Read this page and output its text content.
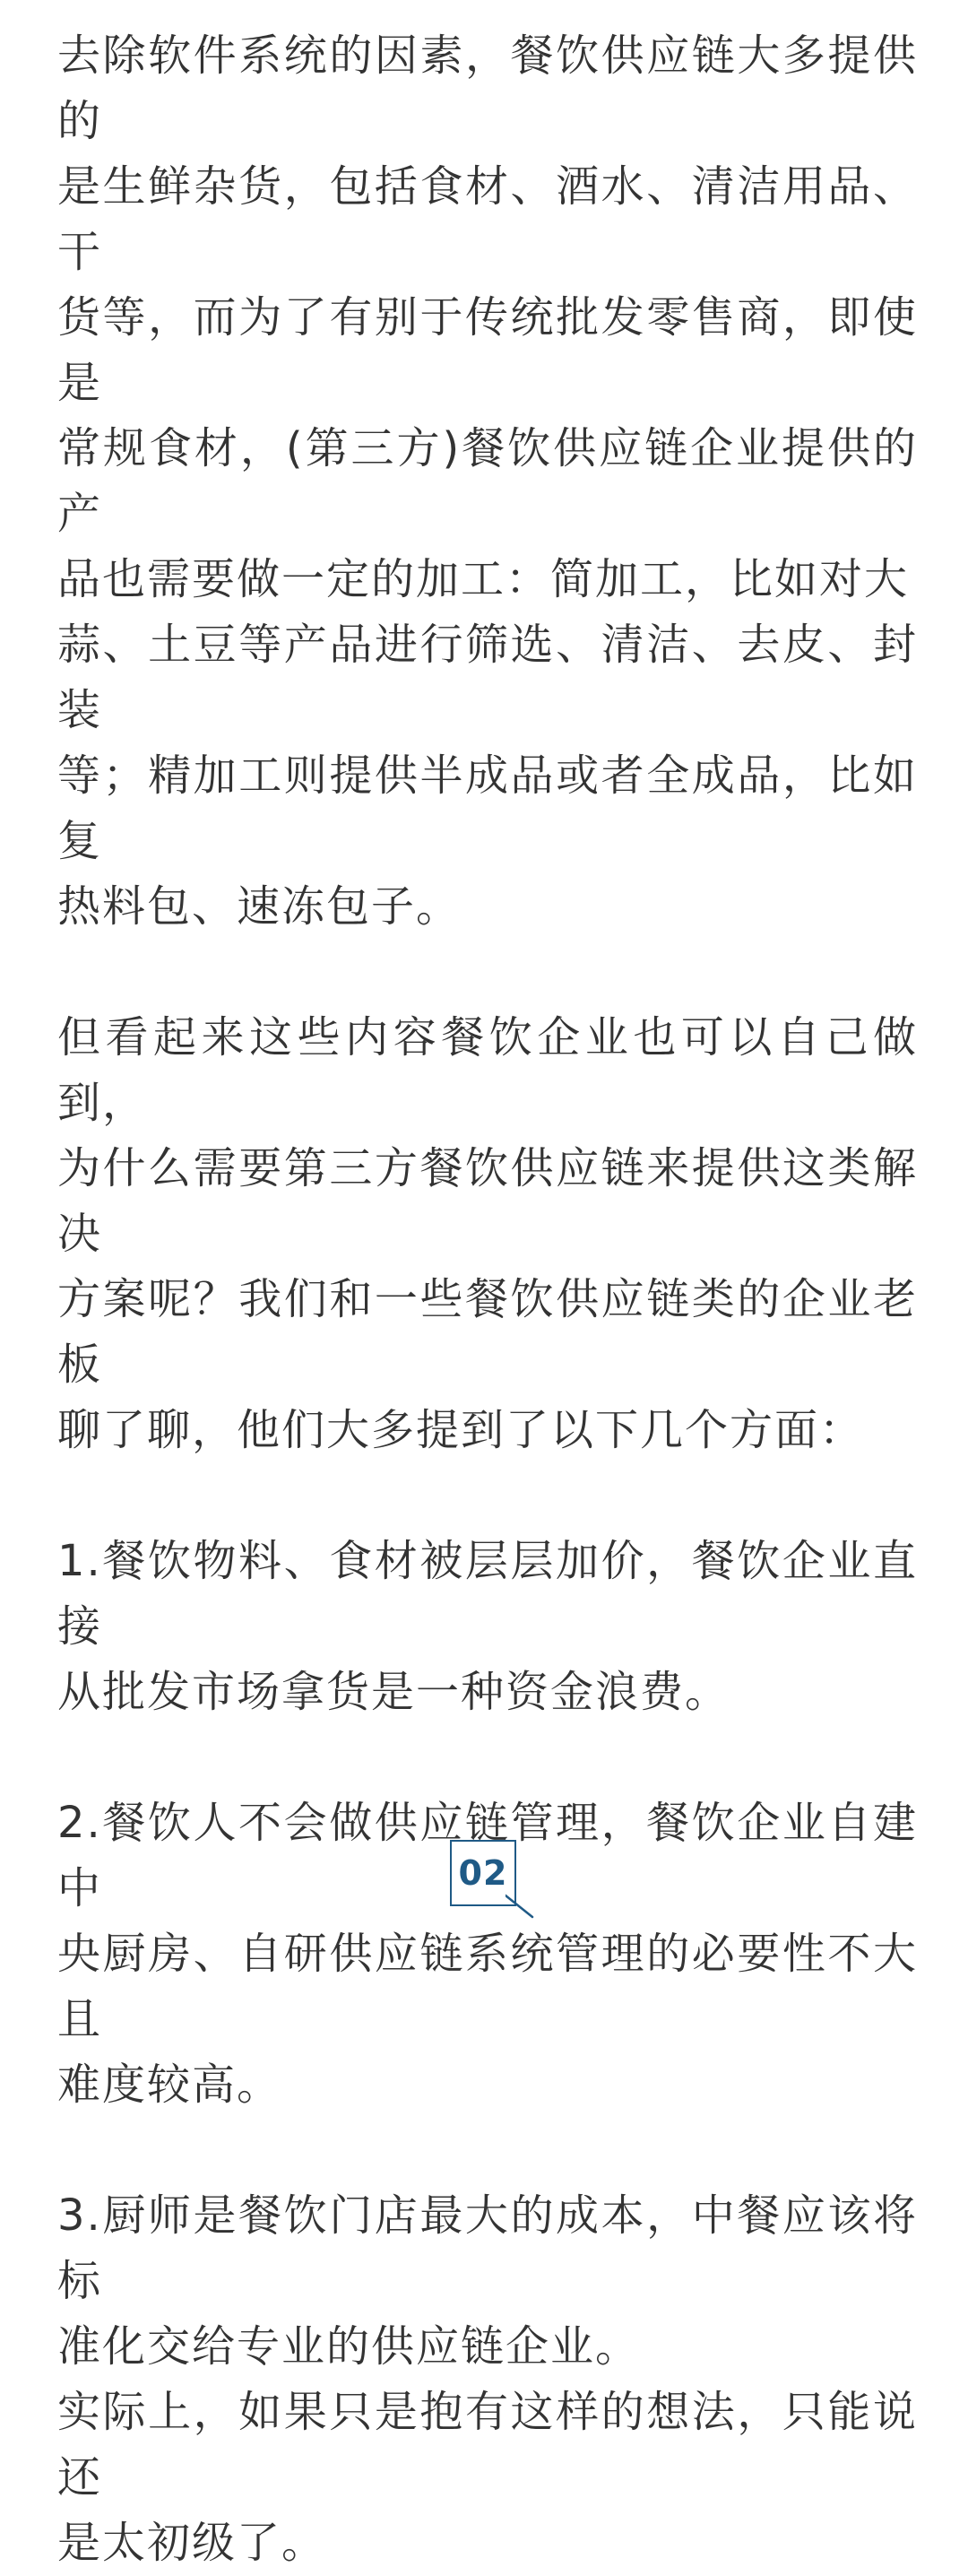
去除软件系统的因素，餐饮供应链大多提供的
是生鲜杂货，包括食材、酒水、清洁用品、干
货等，而为了有别于传统批发零售商，即使是
常规食材，(第三方)餐饮供应链企业提供的产
品也需要做一定的加工：简加工，比如对大
蒜、土豆等产品进行筛选、清洁、去皮、封装
等；精加工则提供半成品或者全成品，比如复
热料包、速冻包子。

但看起来这些内容餐饮企业也可以自己做到，
为什么需要第三方餐饮供应链来提供这类解决
方案呢？我们和一些餐饮供应链类的企业老板
聊了聊，他们大多提到了以下几个方面：

1.餐饮物料、食材被层层加价，餐饮企业直接
从批发市场拿货是一种资金浪费。

2.餐饮人不会做供应链管理，餐饮企业自建中
央厨房、自研供应链系统管理的必要性不大且
难度较高。

3.厨师是餐饮门店最大的成本，中餐应该将标
准化交给专业的供应链企业。
实际上，如果只是抱有这样的想法，只能说还
是太初级了。

02
